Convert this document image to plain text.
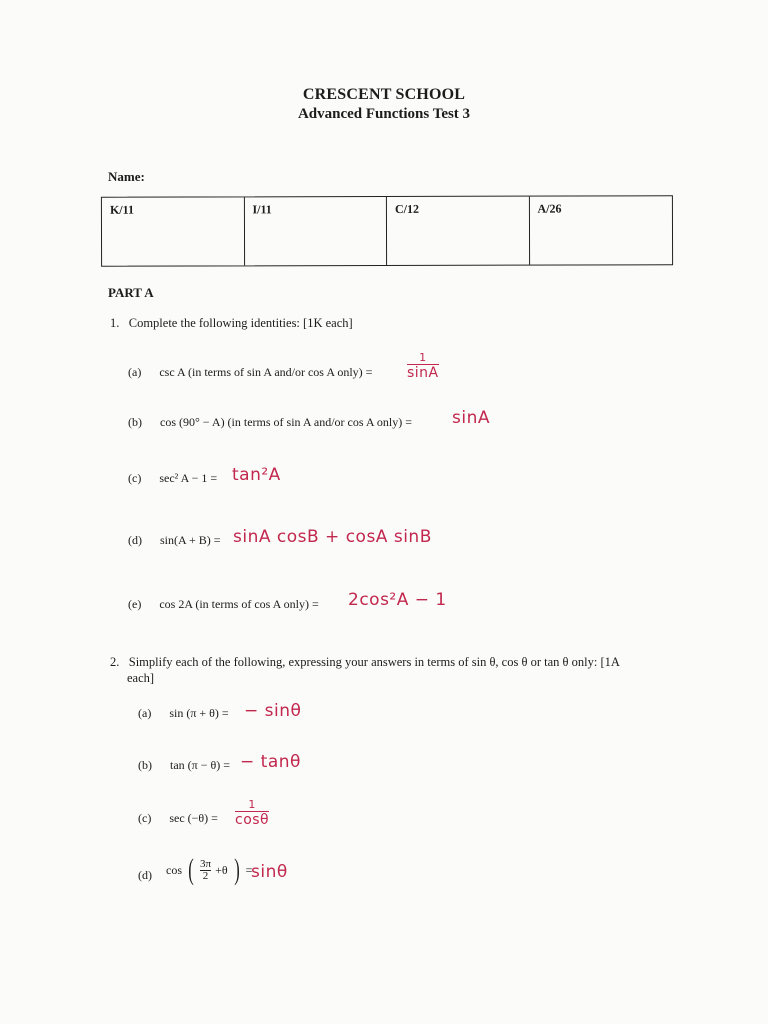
CRESCENT SCHOOL
Advanced Functions Test 3
Name:
K/11	I/11	C/12	A/26
PART A
1. Complete the following identities: [1K each]
(a) csc A (in terms of sin A and/or cos A only) =	$\frac{1}{\sin A}$
(b) cos (90° − A) (in terms of sin A and/or cos A only) = sinA
(c) sec² A − 1 = tan²A
(d) sin(A + B) = sinA cosB + cosA sinB
(e) cos 2A (in terms of cos A only) = 2cos²A − 1
2. Simplify each of the following, expressing your answers in terms of sin θ, cos θ or tan θ only: [1A
each]
(a) sin (π + θ) = − sinθ
(b) tan (π − θ) = − tanθ
(c) $\sec (-\theta) = \frac{1}{\cos\theta}$
(d) cos ( $\frac{3\pi}{2} +\theta$ ) =
sinθ
